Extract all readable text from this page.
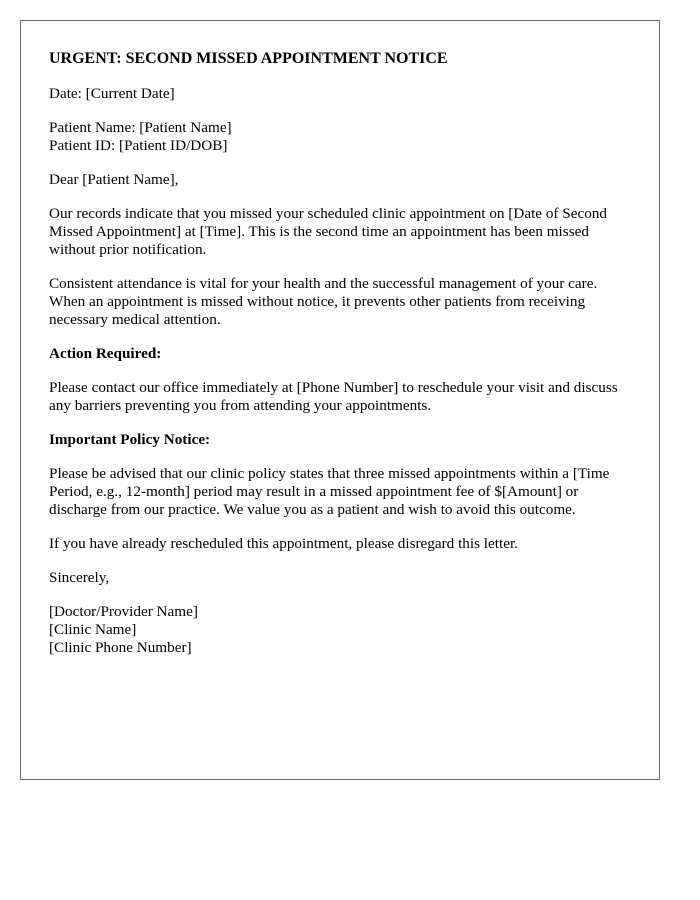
URGENT: SECOND MISSED APPOINTMENT NOTICE

Date: [Current Date]

Patient Name: [Patient Name]
Patient ID: [Patient ID/DOB]

Dear [Patient Name],

Our records indicate that you missed your scheduled clinic appointment on [Date of Second Missed Appointment] at [Time]. This is the second time an appointment has been missed without prior notification.

Consistent attendance is vital for your health and the successful management of your care. When an appointment is missed without notice, it prevents other patients from receiving necessary medical attention.

Action Required:

Please contact our office immediately at [Phone Number] to reschedule your visit and discuss any barriers preventing you from attending your appointments.

Important Policy Notice:

Please be advised that our clinic policy states that three missed appointments within a [Time Period, e.g., 12-month] period may result in a missed appointment fee of $[Amount] or discharge from our practice. We value you as a patient and wish to avoid this outcome.

If you have already rescheduled this appointment, please disregard this letter.

Sincerely,

[Doctor/Provider Name]
[Clinic Name]
[Clinic Phone Number]
